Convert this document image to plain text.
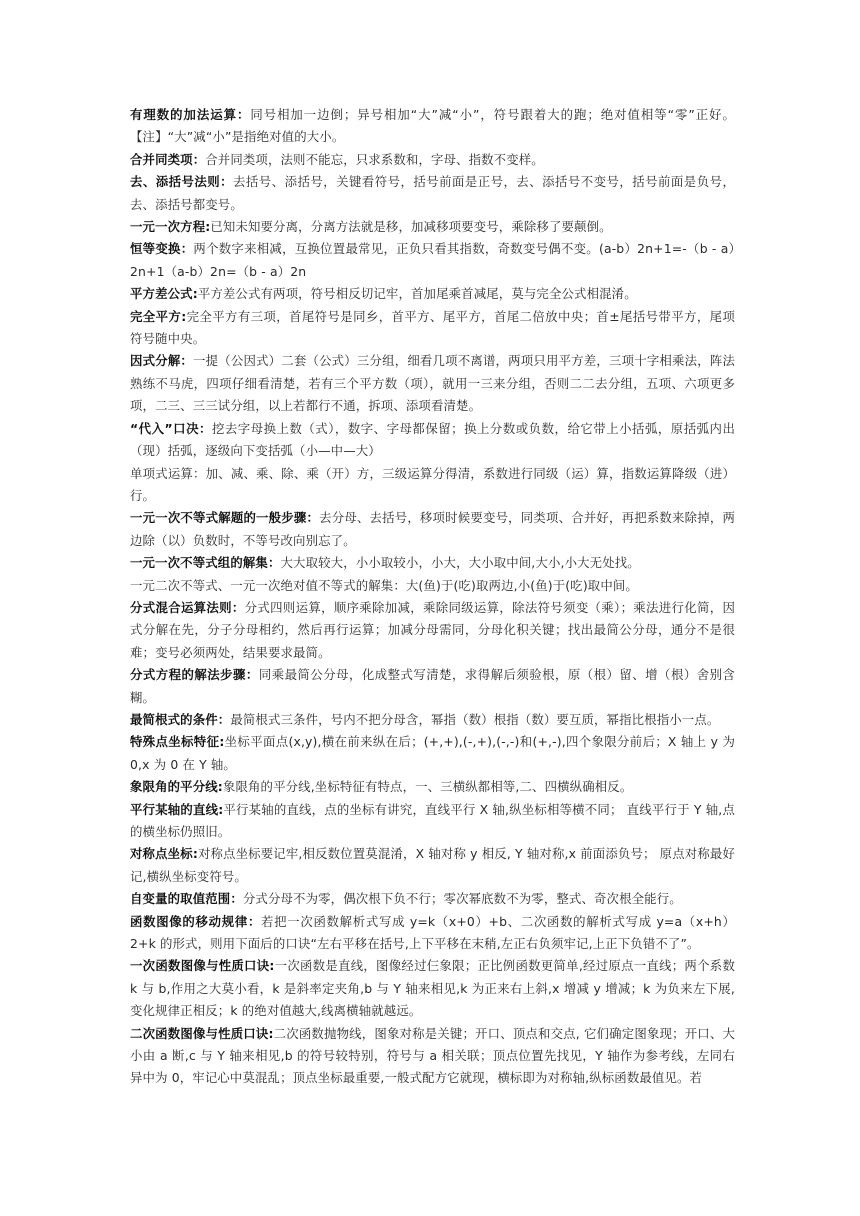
有理数的加法运算：同号相加一边倒；异号相加“大”减“小”，符号跟着大的跑；绝对值相等“零”正好。【注】“大”减“小”是指绝对值的大小。

合并同类项：合并同类项，法则不能忘，只求系数和，字母、指数不变样。

去、添括号法则：去括号、添括号，关键看符号，括号前面是正号，去、添括号不变号，括号前面是负号，去、添括号都变号。

一元一次方程:已知未知要分离，分离方法就是移，加减移项要变号，乘除移了要颠倒。

恒等变换：两个数字来相减，互换位置最常见，正负只看其指数，奇数变号偶不变。(a-b）2n+1=-（b - a）2n+1（a-b）2n=（b - a）2n

平方差公式:平方差公式有两项，符号相反切记牢，首加尾乘首减尾，莫与完全公式相混淆。

完全平方:完全平方有三项，首尾符号是同乡，首平方、尾平方，首尾二倍放中央；首±尾括号带平方，尾项符号随中央。

因式分解：一提（公因式）二套（公式）三分组，细看几项不离谱，两项只用平方差，三项十字相乘法，阵法熟练不马虎，四项仔细看清楚，若有三个平方数（项），就用一三来分组，否则二二去分组，五项、六项更多项，二三、三三试分组，以上若都行不通，拆项、添项看清楚。

“代入”口决：挖去字母换上数（式），数字、字母都保留；换上分数或负数，给它带上小括弧，原括弧内出（现）括弧，逐级向下变括弧（小—中—大）

单项式运算：加、减、乘、除、乘（开）方，三级运算分得清，系数进行同级（运）算，指数运算降级（进）行。

一元一次不等式解题的一般步骤：去分母、去括号，移项时候要变号，同类项、合并好，再把系数来除掉，两边除（以）负数时，不等号改向别忘了。

一元一次不等式组的解集：大大取较大，小小取较小，小大，大小取中间,大小,小大无处找。

一元二次不等式、一元一次绝对值不等式的解集：大(鱼)于(吃)取两边,小(鱼)于(吃)取中间。

分式混合运算法则：分式四则运算，顺序乘除加减，乘除同级运算，除法符号须变（乘）；乘法进行化简，因式分解在先，分子分母相约，然后再行运算；加减分母需同，分母化积关键；找出最简公分母，通分不是很难；变号必须两处，结果要求最简。

分式方程的解法步骤：同乘最简公分母，化成整式写清楚，求得解后须验根，原（根）留、增（根）舍别含糊。

最简根式的条件：最简根式三条件，号内不把分母含，幂指（数）根指（数）要互质，幂指比根指小一点。

特殊点坐标特征:坐标平面点(x,y),横在前来纵在后；(+,+),(-,+),(-,-)和(+,-),四个象限分前后；X 轴上 y 为 0,x 为 0 在 Y 轴。

象限角的平分线:象限角的平分线,坐标特征有特点，一、三横纵都相等,二、四横纵确相反。

平行某轴的直线:平行某轴的直线，点的坐标有讲究，直线平行 X 轴,纵坐标相等横不同； 直线平行于 Y 轴,点的横坐标仍照旧。

对称点坐标:对称点坐标要记牢,相反数位置莫混淆，X 轴对称 y 相反, Y 轴对称,x 前面添负号； 原点对称最好记,横纵坐标变符号。

自变量的取值范围：分式分母不为零，偶次根下负不行；零次幂底数不为零，整式、奇次根全能行。

函数图像的移动规律：若把一次函数解析式写成 y=k（x+0）+b、二次函数的解析式写成 y=a（x+h）2+k 的形式，则用下面后的口诀“左右平移在括号,上下平移在末稍,左正右负须牢记,上正下负错不了”。

一次函数图像与性质口诀:一次函数是直线，图像经过仨象限；正比例函数更简单,经过原点一直线；两个系数 k 与 b,作用之大莫小看，k 是斜率定夹角,b 与 Y 轴来相见,k 为正来右上斜,x 增减 y 增减；k 为负来左下展,变化规律正相反；k 的绝对值越大,线离横轴就越远。

二次函数图像与性质口诀:二次函数抛物线，图象对称是关键；开口、顶点和交点, 它们确定图象现；开口、大小由 a 断,c 与 Y 轴来相见,b 的符号较特别，符号与 a 相关联；顶点位置先找见，Y 轴作为参考线，左同右异中为 0，牢记心中莫混乱；顶点坐标最重要,一般式配方它就现，横标即为对称轴,纵标函数最值见。若
